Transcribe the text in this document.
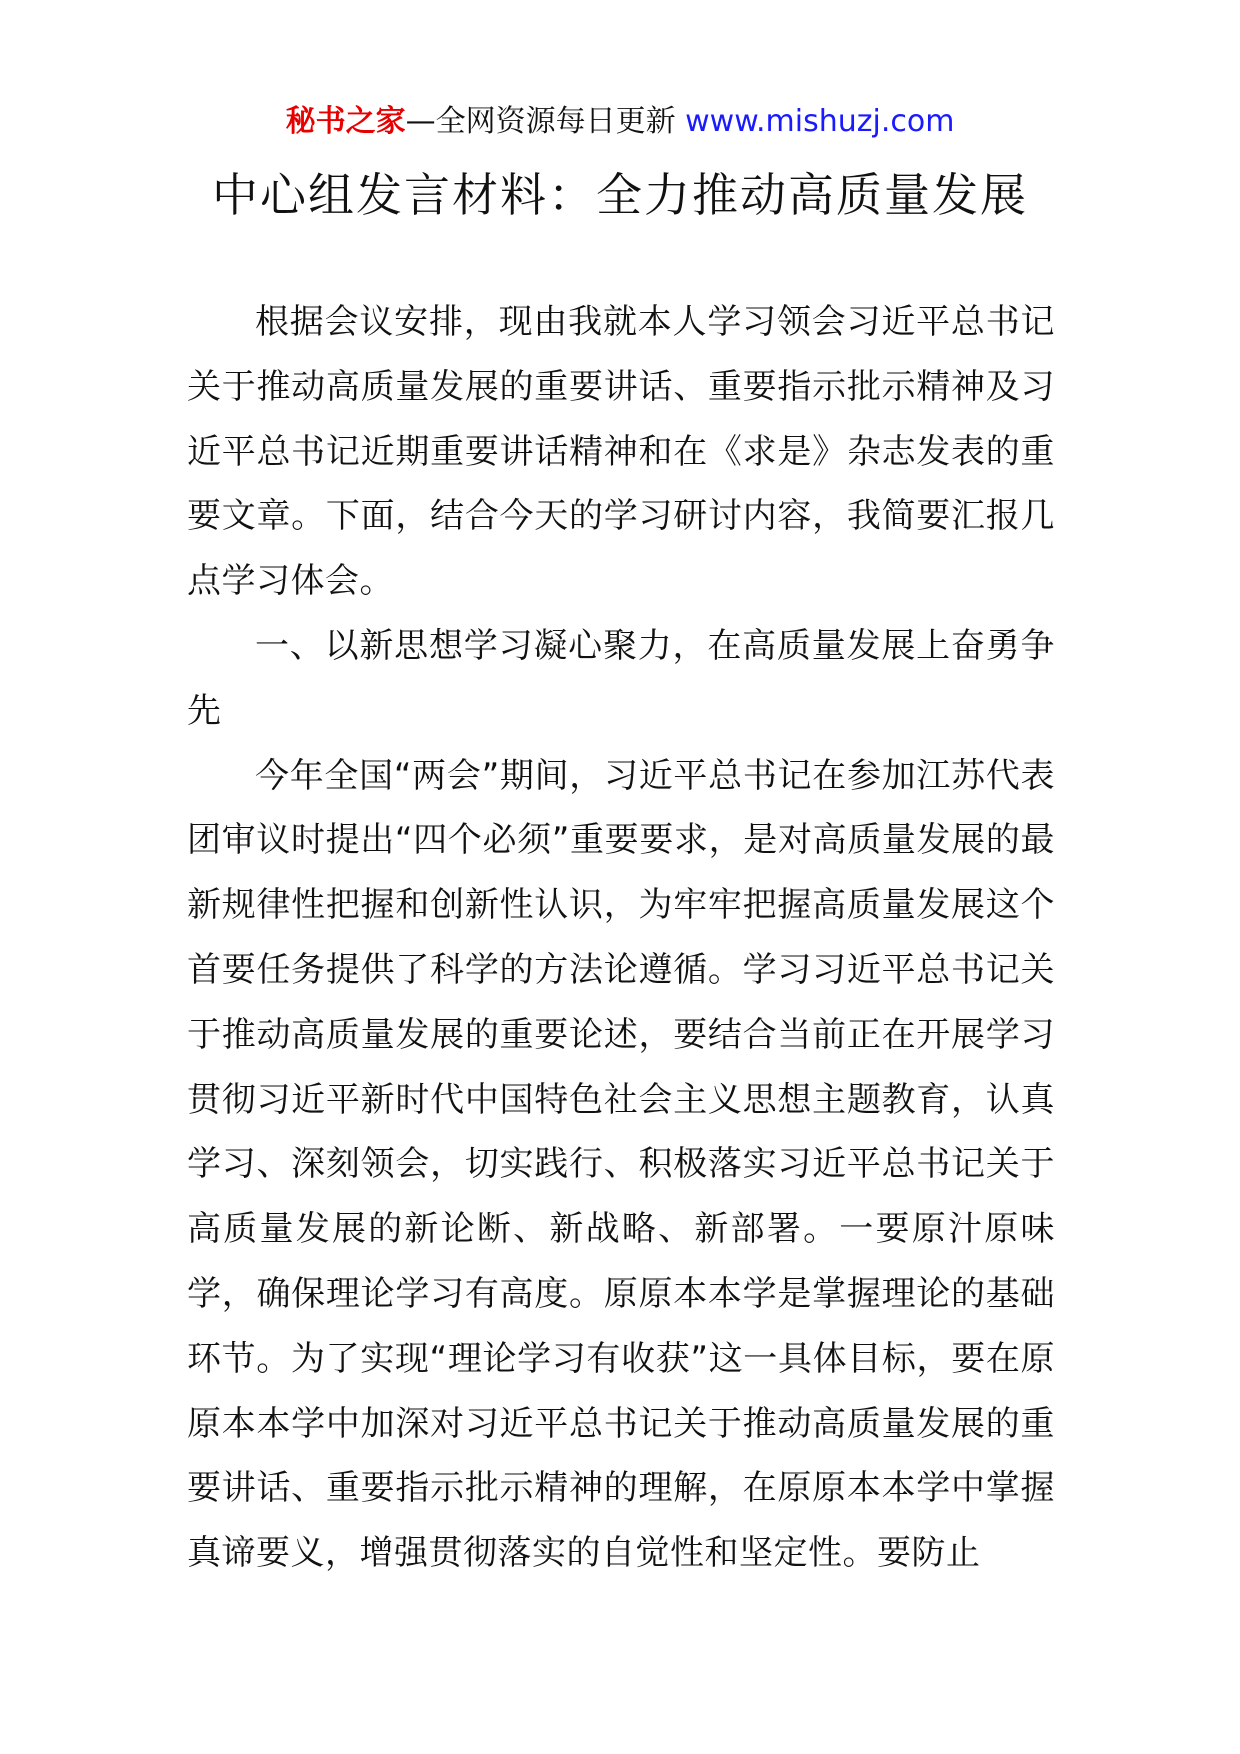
秘书之家—全网资源每日更新 www.mishuzj.com
中心组发言材料：全力推动高质量发展

根据会议安排，现由我就本人学习领会习近平总书记关于推动高质量发展的重要讲话、重要指示批示精神及习近平总书记近期重要讲话精神和在《求是》杂志发表的重要文章。下面，结合今天的学习研讨内容，我简要汇报几点学习体会。

一、以新思想学习凝心聚力，在高质量发展上奋勇争先

今年全国“两会”期间，习近平总书记在参加江苏代表团审议时提出“四个必须”重要要求，是对高质量发展的最新规律性把握和创新性认识，为牢牢把握高质量发展这个首要任务提供了科学的方法论遵循。学习习近平总书记关于推动高质量发展的重要论述，要结合当前正在开展学习贯彻习近平新时代中国特色社会主义思想主题教育，认真学习、深刻领会，切实践行、积极落实习近平总书记关于高质量发展的新论断、新战略、新部署。一要原汁原味学，确保理论学习有高度。原原本本学是掌握理论的基础环节。为了实现“理论学习有收获”这一具体目标，要在原原本本学中加深对习近平总书记关于推动高质量发展的重要讲话、重要指示批示精神的理解，在原原本本学中掌握真谛要义，增强贯彻落实的自觉性和坚定性。要防止
